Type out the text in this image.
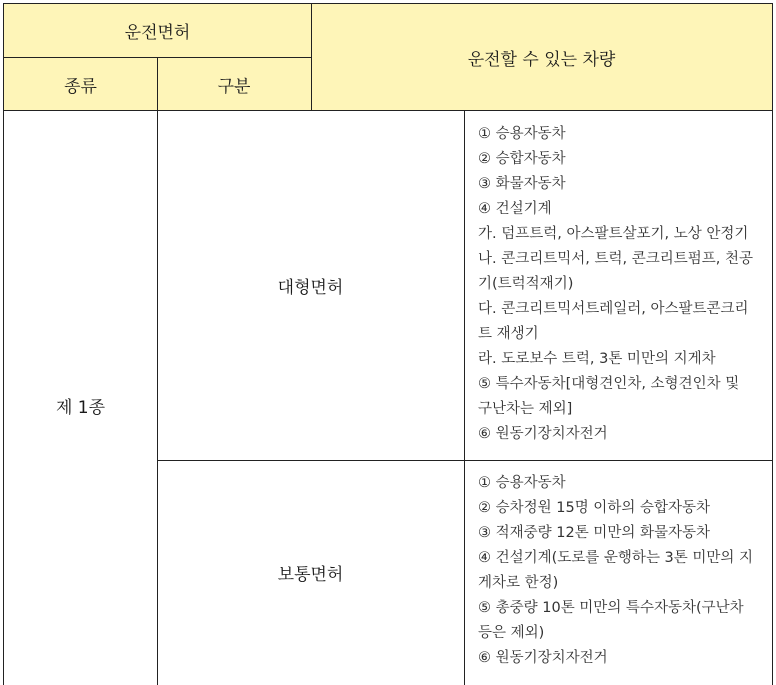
운전면허
종류	구분
운전할 수 있는 차량
제 1종
대형면허
보통면허
① 승용자동차
② 승합자동차
③ 화물자동차
④ 건설기계
가. 덤프트럭, 아스팔트살포기, 노상 안정기
나. 콘크리트믹서, 트럭, 콘크리트펌프, 천공
기(트럭적재기)
다. 콘크리트믹서트레일러, 아스팔트콘크리
트 재생기
라. 도로보수 트럭, 3톤 미만의 지게차
⑤ 특수자동차[대형견인차, 소형견인차 및
구난차는 제외]
⑥ 원동기장치자전거
① 승용자동차
② 승차정원 15명 이하의 승합자동차
③ 적재중량 12톤 미만의 화물자동차
④ 건설기계(도로를 운행하는 3톤 미만의 지
게차로 한정)
⑤ 총중량 10톤 미만의 특수자동차(구난차
등은 제외)
⑥ 원동기장치자전거
